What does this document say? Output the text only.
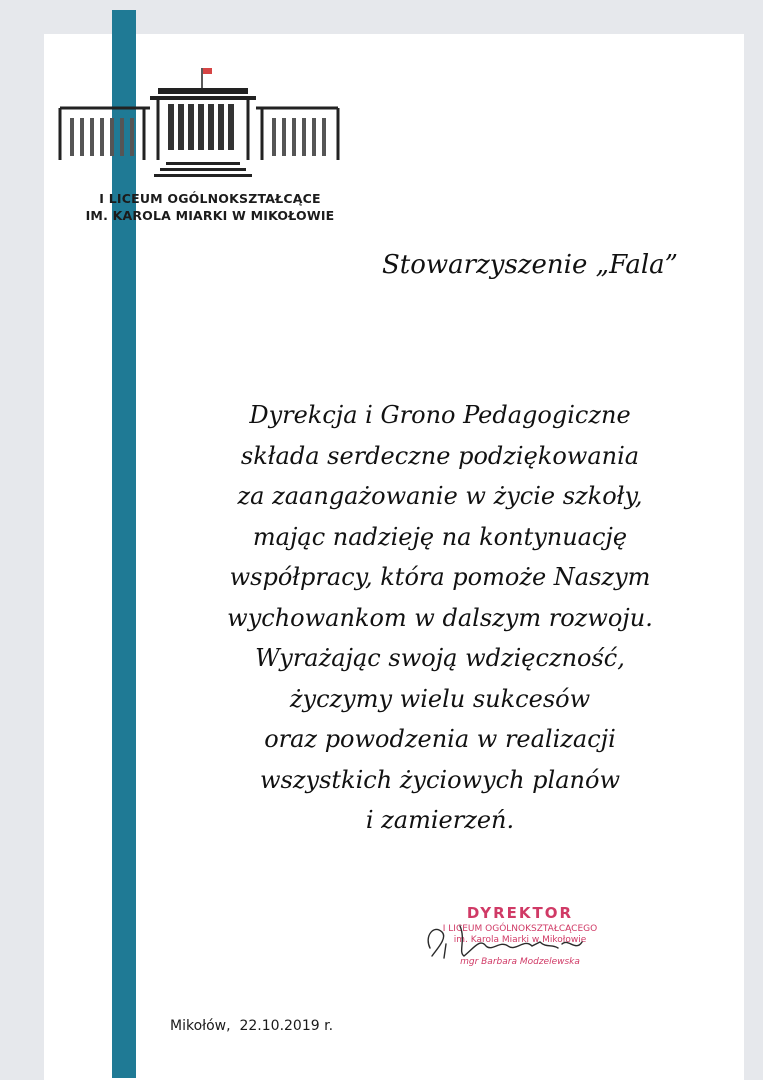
I LICEUM OGÓLNOKSZTAŁCĄCE
IM. KAROLA MIARKI W MIKOŁOWIE
Stowarzyszenie „Fala”
Dyrekcja i Grono Pedagogiczne
składa serdeczne podziękowania
za zaangażowanie w życie szkoły,
mając nadzieję na kontynuację
współpracy, która pomoże Naszym
wychowankom w dalszym rozwoju.
Wyrażając swoją wdzięczność,
życzymy wielu sukcesów
oraz powodzenia w realizacji
wszystkich życiowych planów
i zamierzeń.
DYREKTOR
I LICEUM OGÓLNOKSZTAŁCĄCEGO
im. Karola Miarki w Mikołowie
mgr Barbara Modzelewska
Mikołów,  22.10.2019 r.
